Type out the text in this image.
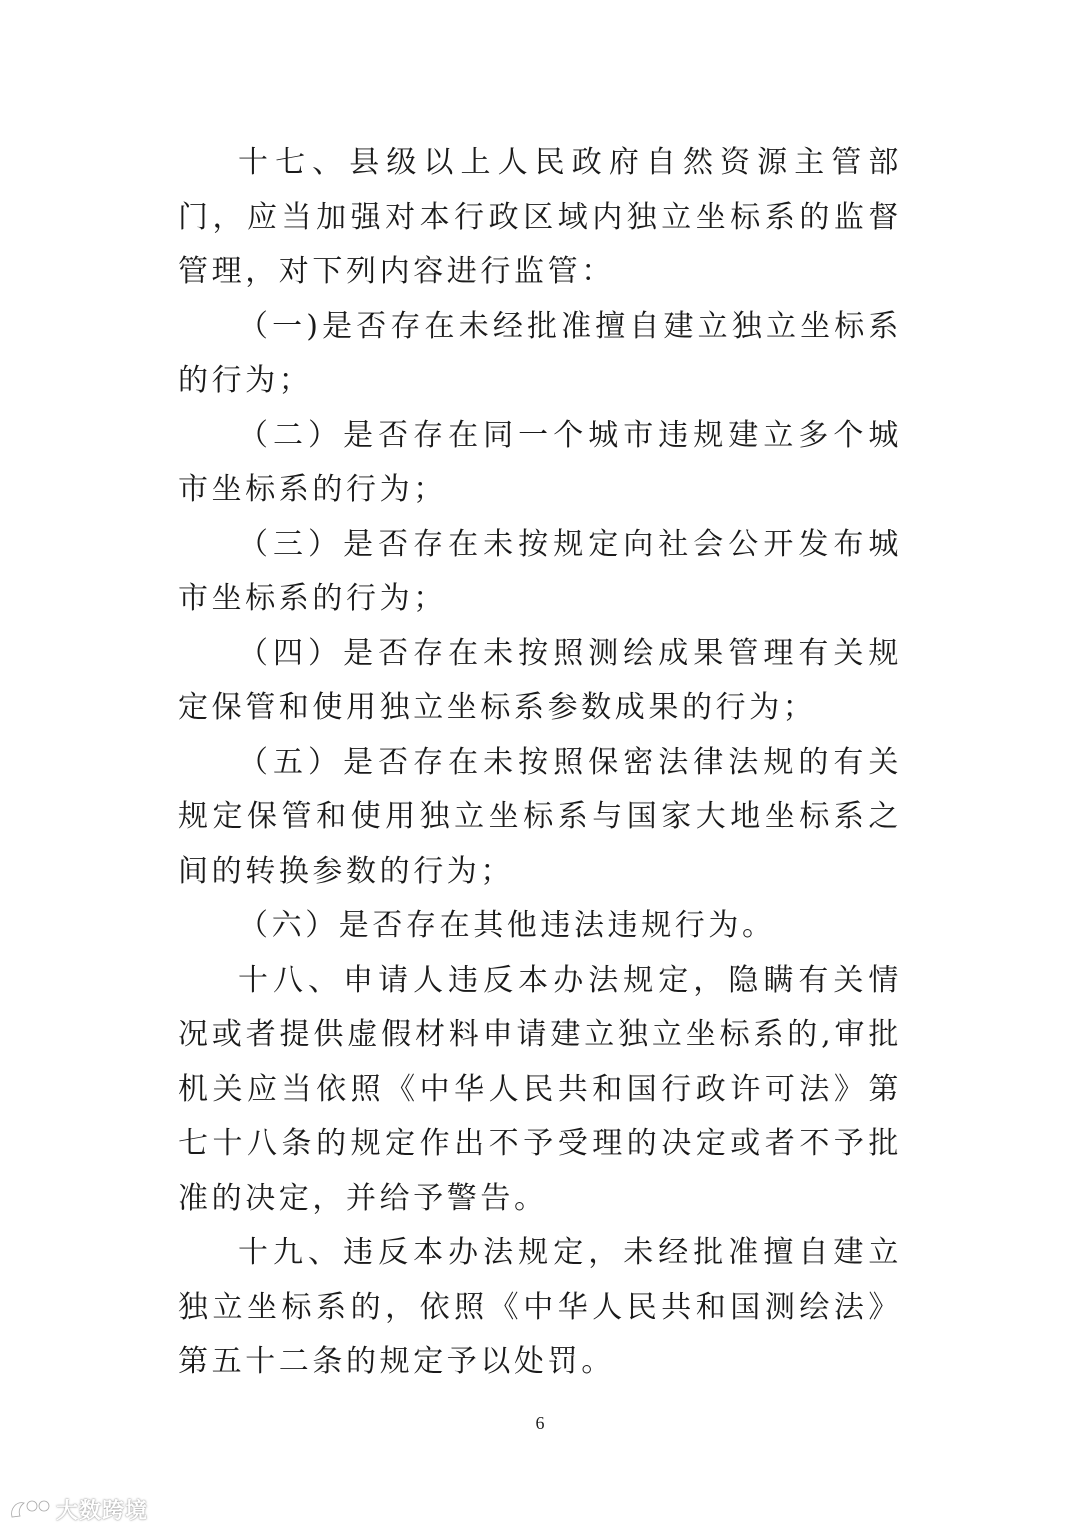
十七、县级以上人民政府自然资源主管部门，应当加强对本行政区域内独立坐标系的监督管理，对下列内容进行监管：

（一)是否存在未经批准擅自建立独立坐标系的行为；

（二）是否存在同一个城市违规建立多个城市坐标系的行为；

（三）是否存在未按规定向社会公开发布城市坐标系的行为；

（四）是否存在未按照测绘成果管理有关规定保管和使用独立坐标系参数成果的行为；

（五）是否存在未按照保密法律法规的有关规定保管和使用独立坐标系与国家大地坐标系之间的转换参数的行为；

（六）是否存在其他违法违规行为。

十八、申请人违反本办法规定，隐瞒有关情况或者提供虚假材料申请建立独立坐标系的,审批机关应当依照《中华人民共和国行政许可法》第七十八条的规定作出不予受理的决定或者不予批准的决定，并给予警告。

十九、违反本办法规定，未经批准擅自建立独立坐标系的，依照《中华人民共和国测绘法》第五十二条的规定予以处罚。

6
大数跨境
